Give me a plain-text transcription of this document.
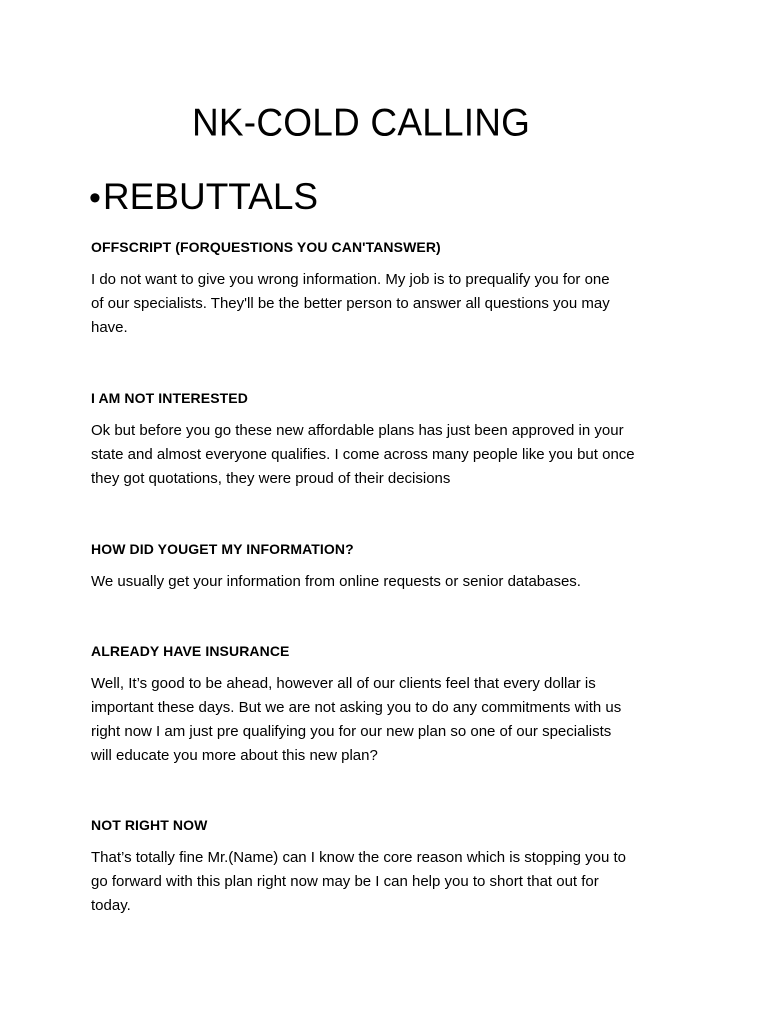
NK-COLD CALLING
•REBUTTALS

OFFSCRIPT (FORQUESTIONS YOU CAN'TANSWER)

I do not want to give you wrong information. My job is to prequalify you for one
of our specialists. They'll be the better person to answer all questions you may
have.

I AM NOT INTERESTED

Ok but before you go these new affordable plans has just been approved in your
state and almost everyone qualifies. I come across many people like you but once
they got quotations, they were proud of their decisions

HOW DID YOUGET MY INFORMATION?

We usually get your information from online requests or senior databases.

ALREADY HAVE INSURANCE

Well, It’s good to be ahead, however all of our clients feel that every dollar is
important these days. But we are not asking you to do any commitments with us
right now I am just pre qualifying you for our new plan so one of our specialists
will educate you more about this new plan?

NOT RIGHT NOW

That’s totally fine Mr.(Name) can I know the core reason which is stopping you to
go forward with this plan right now may be I can help you to short that out for
today.
